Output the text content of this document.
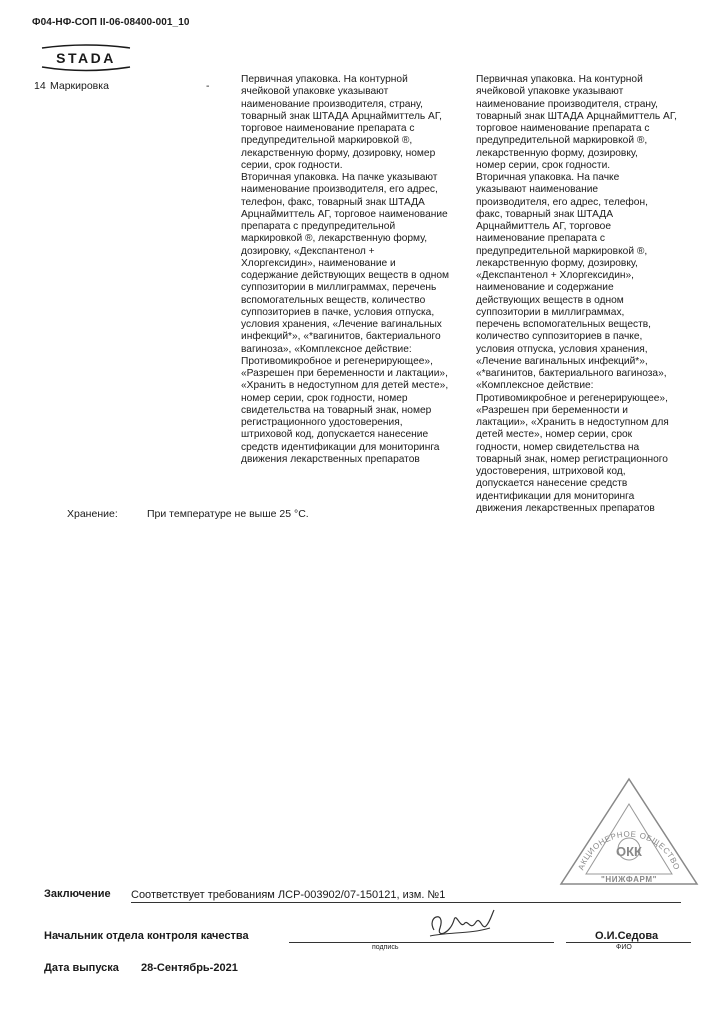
Ф04-НФ-СОП II-06-08400-001_10
STADA
14 Маркировка	-
Первичная упаковка. На контурной
ячейковой упаковке указывают
наименование производителя, страну,
товарный знак ШТАДА Арцнаймиттель АГ,
торговое наименование препарата с
предупредительной маркировкой ®,
лекарственную форму, дозировку, номер
серии, срок годности.
Вторичная упаковка. На пачке указывают
наименование производителя, его адрес,
телефон, факс, товарный знак ШТАДА
Арцнаймиттель АГ, торговое наименование
препарата с предупредительной
маркировкой ®, лекарственную форму,
дозировку, «Декспантенол +
Хлоргексидин», наименование и
содержание действующих веществ в одном
суппозитории в миллиграммах, перечень
вспомогательных веществ, количество
суппозиториев в пачке, условия отпуска,
условия хранения, «Лечение вагинальных
инфекций*», «*вагинитов, бактериального
вагиноза», «Комплексное действие:
Противомикробное и регенерирующее»,
«Разрешен при беременности и лактации»,
«Хранить в недоступном для детей месте»,
номер серии, срок годности, номер
свидетельства на товарный знак, номер
регистрационного удостоверения,
штриховой код, допускается нанесение
средств идентификации для мониторинга
движения лекарственных препаратов
Первичная упаковка. На контурной
ячейковой упаковке указывают
наименование производителя, страну,
товарный знак ШТАДА Арцнаймиттель АГ,
торговое наименование препарата с
предупредительной маркировкой ®,
лекарственную форму, дозировку,
номер серии, срок годности.
Вторичная упаковка. На пачке
указывают наименование
производителя, его адрес, телефон,
факс, товарный знак ШТАДА
Арцнаймиттель АГ, торговое
наименование препарата с
предупредительной маркировкой ®,
лекарственную форму, дозировку,
«Декспантенол + Хлоргексидин»,
наименование и содержание
действующих веществ в одном
суппозитории в миллиграммах,
перечень вспомогательных веществ,
количество суппозиториев в пачке,
условия отпуска, условия хранения,
«Лечение вагинальных инфекций*»,
«*вагинитов, бактериального вагиноза»,
«Комплексное действие:
Противомикробное и регенерирующее»,
«Разрешен при беременности и
лактации», «Хранить в недоступном для
детей месте», номер серии, срок
годности, номер свидетельства на
товарный знак, номер регистрационного
удостоверения, штриховой код,
допускается нанесение средств
идентификации для мониторинга
движения лекарственных препаратов
Хранение:	При температуре не выше 25 °С.
АКЦИОНЕРНОЕ ОБЩЕСТВО
ОКК
"НИЖФАРМ"
Заключение Соответствует требованиям ЛСР-003902/07-150121, изм. №1
Начальник отдела контроля качества
подпись
О.И.Седова
ФИО
Дата выпуска 28-Сентябрь-2021
